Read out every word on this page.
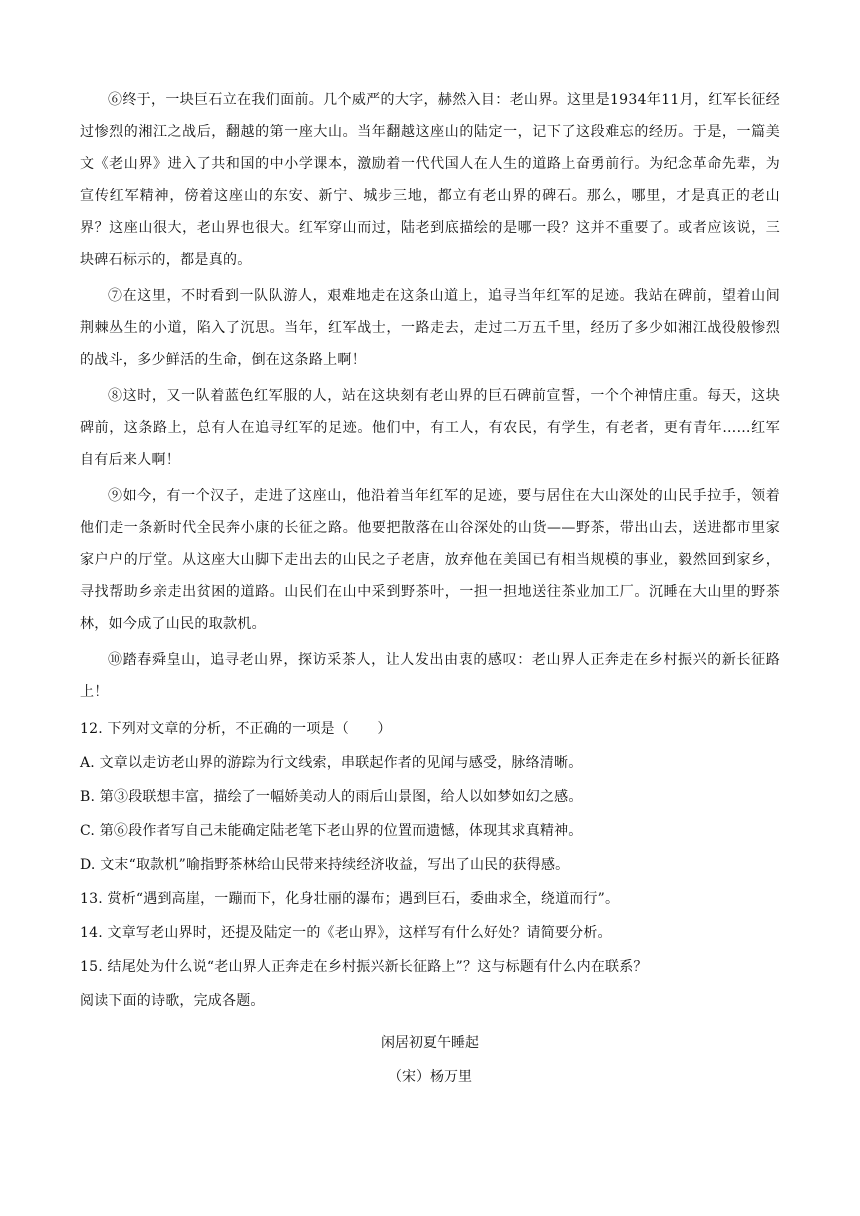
⑥终于，一块巨石立在我们面前。几个威严的大字，赫然入目：老山界。这里是1934年11月，红军长征经过惨烈的湘江之战后，翻越的第一座大山。当年翻越这座山的陆定一，记下了这段难忘的经历。于是，一篇美文《老山界》进入了共和国的中小学课本，激励着一代代国人在人生的道路上奋勇前行。为纪念革命先辈，为宣传红军精神，傍着这座山的东安、新宁、城步三地，都立有老山界的碑石。那么，哪里，才是真正的老山界？这座山很大，老山界也很大。红军穿山而过，陆老到底描绘的是哪一段？这并不重要了。或者应该说，三块碑石标示的，都是真的。

⑦在这里，不时看到一队队游人，艰难地走在这条山道上，追寻当年红军的足迹。我站在碑前，望着山间荆棘丛生的小道，陷入了沉思。当年，红军战士，一路走去，走过二万五千里，经历了多少如湘江战役般惨烈的战斗，多少鲜活的生命，倒在这条路上啊！

⑧这时，又一队着蓝色红军服的人，站在这块刻有老山界的巨石碑前宣誓，一个个神情庄重。每天，这块碑前，这条路上，总有人在追寻红军的足迹。他们中，有工人，有农民，有学生，有老者，更有青年……红军自有后来人啊！

⑨如今，有一个汉子，走进了这座山，他沿着当年红军的足迹，要与居住在大山深处的山民手拉手，领着他们走一条新时代全民奔小康的长征之路。他要把散落在山谷深处的山货——野茶，带出山去，送进都市里家家户户的厅堂。从这座大山脚下走出去的山民之子老唐，放弃他在美国已有相当规模的事业，毅然回到家乡，寻找帮助乡亲走出贫困的道路。山民们在山中采到野茶叶，一担一担地送往茶业加工厂。沉睡在大山里的野茶林，如今成了山民的取款机。

⑩踏春舜皇山，追寻老山界，探访采茶人，让人发出由衷的感叹：老山界人正奔走在乡村振兴的新长征路上！

12. 下列对文章的分析，不正确的一项是（　　）

A. 文章以走访老山界的游踪为行文线索，串联起作者的见闻与感受，脉络清晰。

B. 第③段联想丰富，描绘了一幅娇美动人的雨后山景图，给人以如梦如幻之感。

C. 第⑥段作者写自己未能确定陆老笔下老山界的位置而遗憾，体现其求真精神。

D. 文末“取款机”喻指野茶林给山民带来持续经济收益，写出了山民的获得感。

13. 赏析“遇到高崖，一蹦而下，化身壮丽的瀑布；遇到巨石，委曲求全，绕道而行”。

14. 文章写老山界时，还提及陆定一的《老山界》，这样写有什么好处？请简要分析。

15. 结尾处为什么说“老山界人正奔走在乡村振兴新长征路上”？这与标题有什么内在联系？

阅读下面的诗歌，完成各题。

闲居初夏午睡起

（宋）杨万里
